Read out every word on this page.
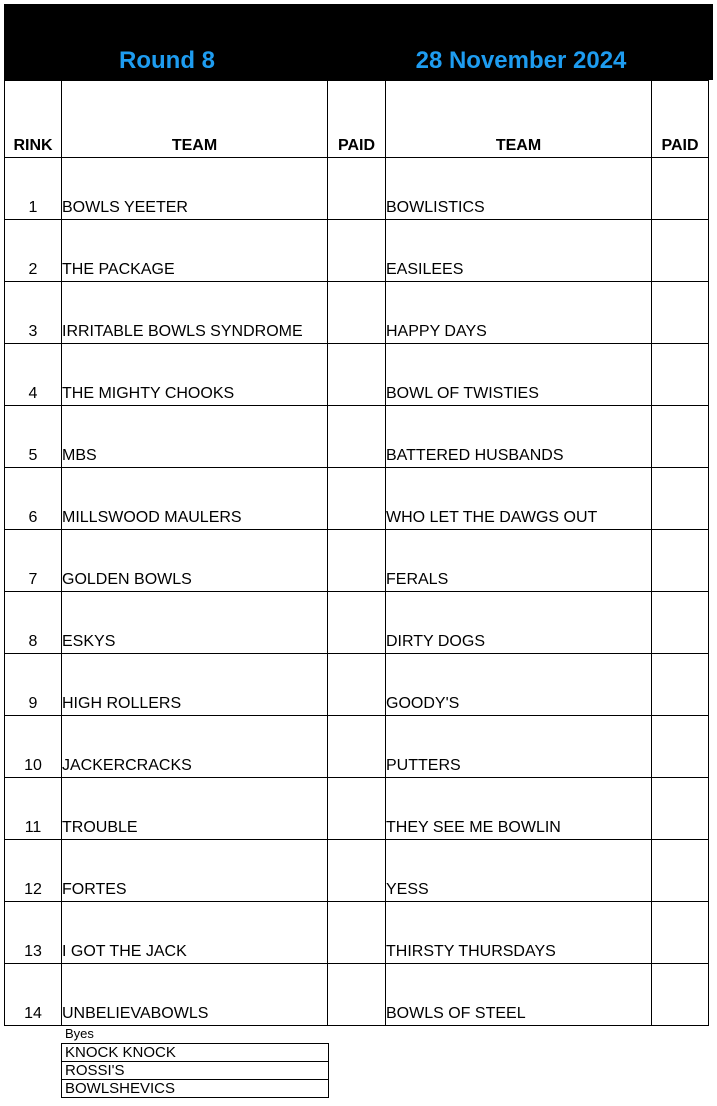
Round 8	28 November 2024
RINK	TEAM	PAID	TEAM	PAID
1	BOWLS YEETER		BOWLISTICS	
2	THE PACKAGE		EASILEES	
3	IRRITABLE BOWLS SYNDROME		HAPPY DAYS	
4	THE MIGHTY CHOOKS		BOWL OF TWISTIES	
5	MBS		BATTERED HUSBANDS	
6	MILLSWOOD MAULERS		WHO LET THE DAWGS OUT	
7	GOLDEN BOWLS		FERALS	
8	ESKYS		DIRTY DOGS	
9	HIGH ROLLERS		GOODY'S	
10	JACKERCRACKS		PUTTERS	
11	TROUBLE		THEY SEE ME BOWLIN	
12	FORTES		YESS	
13	I GOT THE JACK		THIRSTY THURSDAYS	
14	UNBELIEVABOWLS		BOWLS OF STEEL	
Byes
KNOCK KNOCK
ROSSI'S
BOWLSHEVICS
